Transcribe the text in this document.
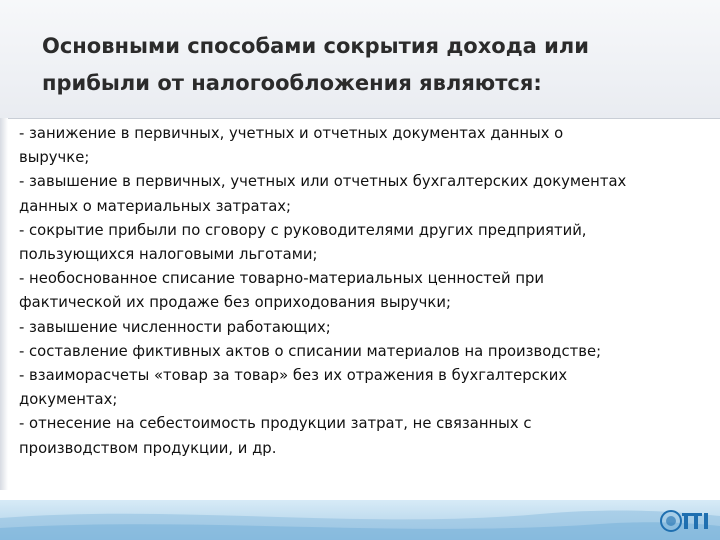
Основными способами сокрытия дохода или
прибыли от налогообложения являются:
- занижение в первичных, учетных и отчетных документах данных о
выручке;
- завышение в первичных, учетных или отчетных бухгалтерских документах
данных о материальных затратах;
- сокрытие прибыли по сговору с руководителями других предприятий,
пользующихся налоговыми льготами;
- необоснованное списание товарно-материальных ценностей при
фактической их продаже без оприходования выручки;
- завышение численности работающих;
- составление фиктивных актов о списании материалов на производстве;
- взаиморасчеты «товар за товар» без их отражения в бухгалтерских
документах;
- отнесение на себестоимость продукции затрат, не связанных с
производством продукции, и др.
